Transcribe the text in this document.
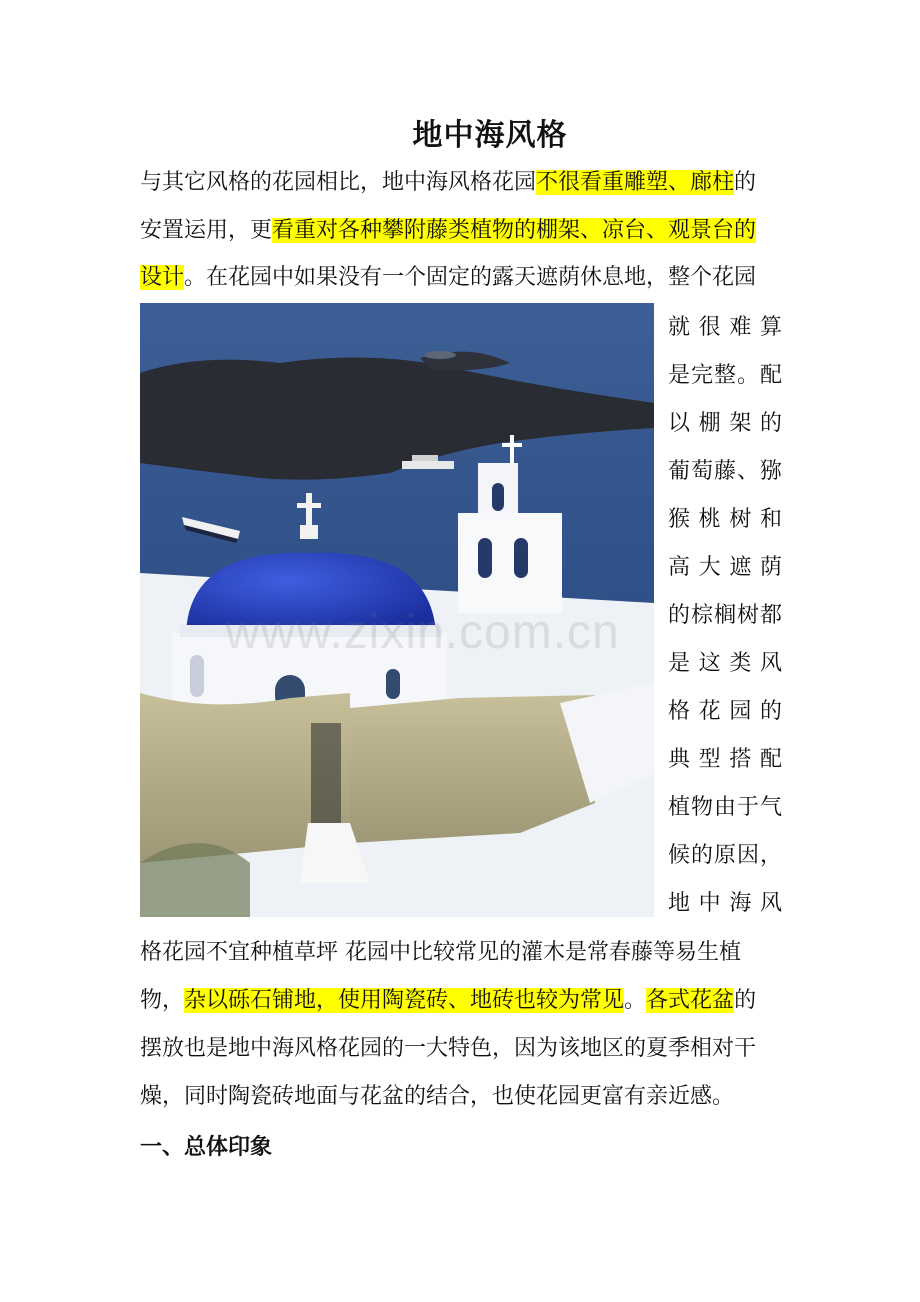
地中海风格
与其它风格的花园相比，地中海风格花园不很看重雕塑、廊柱的
安置运用，更看重对各种攀附藤类植物的棚架、凉台、观景台的
设计。在花园中如果没有一个固定的露天遮荫休息地，整个花园
就很难算
是完整。配
以棚架的
葡萄藤、猕
猴桃树和
高大遮荫
的棕榈树都
是这类风
格花园的
典型搭配
植物由于气
候的原因，
地中海风
格花园不宜种植草坪 花园中比较常见的灌木是常春藤等易生植
物，杂以砾石铺地，使用陶瓷砖、地砖也较为常见。各式花盆的
摆放也是地中海风格花园的一大特色，因为该地区的夏季相对干
燥，同时陶瓷砖地面与花盆的结合，也使花园更富有亲近感。
一、总体印象
